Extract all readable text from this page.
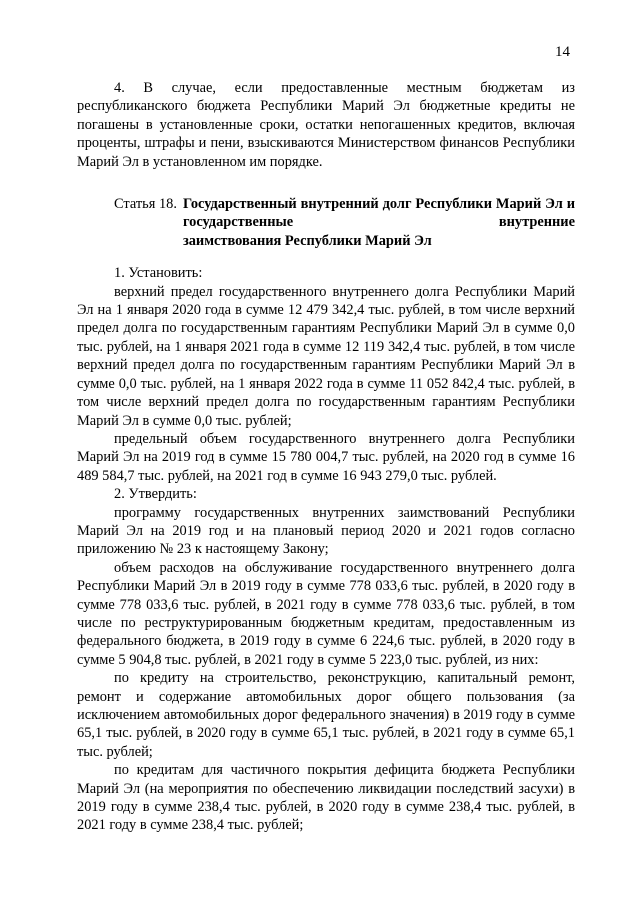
14

4. В случае, если предоставленные местным бюджетам из республиканского бюджета Республики Марий Эл бюджетные кредиты не погашены в установленные сроки, остатки непогашенных кредитов, включая проценты, штрафы и пени, взыскиваются Министерством финансов Республики Марий Эл в установленном им порядке.

Статья 18. Государственный внутренний долг Республики Марий Эл и государственные внутренние
заимствования Республики Марий Эл

1. Установить:

верхний предел государственного внутреннего долга Республики Марий Эл на 1 января 2020 года в сумме 12 479 342,4 тыс. рублей, в том числе верхний предел долга по государственным гарантиям Республики Марий Эл в сумме 0,0 тыс. рублей, на 1 января 2021 года в сумме 12 119 342,4 тыс. рублей, в том числе верхний предел долга по государственным гарантиям Республики Марий Эл в сумме 0,0 тыс. рублей, на 1 января 2022 года в сумме 11 052 842,4 тыс. рублей, в том числе верхний предел долга по государственным гарантиям Республики Марий Эл в сумме 0,0 тыс. рублей;

предельный объем государственного внутреннего долга Республики Марий Эл на 2019 год в сумме 15 780 004,7 тыс. рублей, на 2020 год в сумме 16 489 584,7 тыс. рублей, на 2021 год в сумме 16 943 279,0 тыс. рублей.

2. Утвердить:

программу государственных внутренних заимствований Республики Марий Эл на 2019 год и на плановый период 2020 и 2021 годов согласно приложению № 23 к настоящему Закону;

объем расходов на обслуживание государственного внутреннего долга Республики Марий Эл в 2019 году в сумме 778 033,6 тыс. рублей, в 2020 году в сумме 778 033,6 тыс. рублей, в 2021 году в сумме 778 033,6 тыс. рублей, в том числе по реструктурированным бюджетным кредитам, предоставленным из федерального бюджета, в 2019 году в сумме 6 224,6 тыс. рублей, в 2020 году в сумме 5 904,8 тыс. рублей, в 2021 году в сумме 5 223,0 тыс. рублей, из них:

по кредиту на строительство, реконструкцию, капитальный ремонт, ремонт и содержание автомобильных дорог общего пользования (за исключением автомобильных дорог федерального значения) в 2019 году в сумме 65,1 тыс. рублей, в 2020 году в сумме 65,1 тыс. рублей, в 2021 году в сумме 65,1 тыс. рублей;

по кредитам для частичного покрытия дефицита бюджета Республики Марий Эл (на мероприятия по обеспечению ликвидации последствий засухи) в 2019 году в сумме 238,4 тыс. рублей, в 2020 году в сумме 238,4 тыс. рублей, в 2021 году в сумме 238,4 тыс. рублей;
